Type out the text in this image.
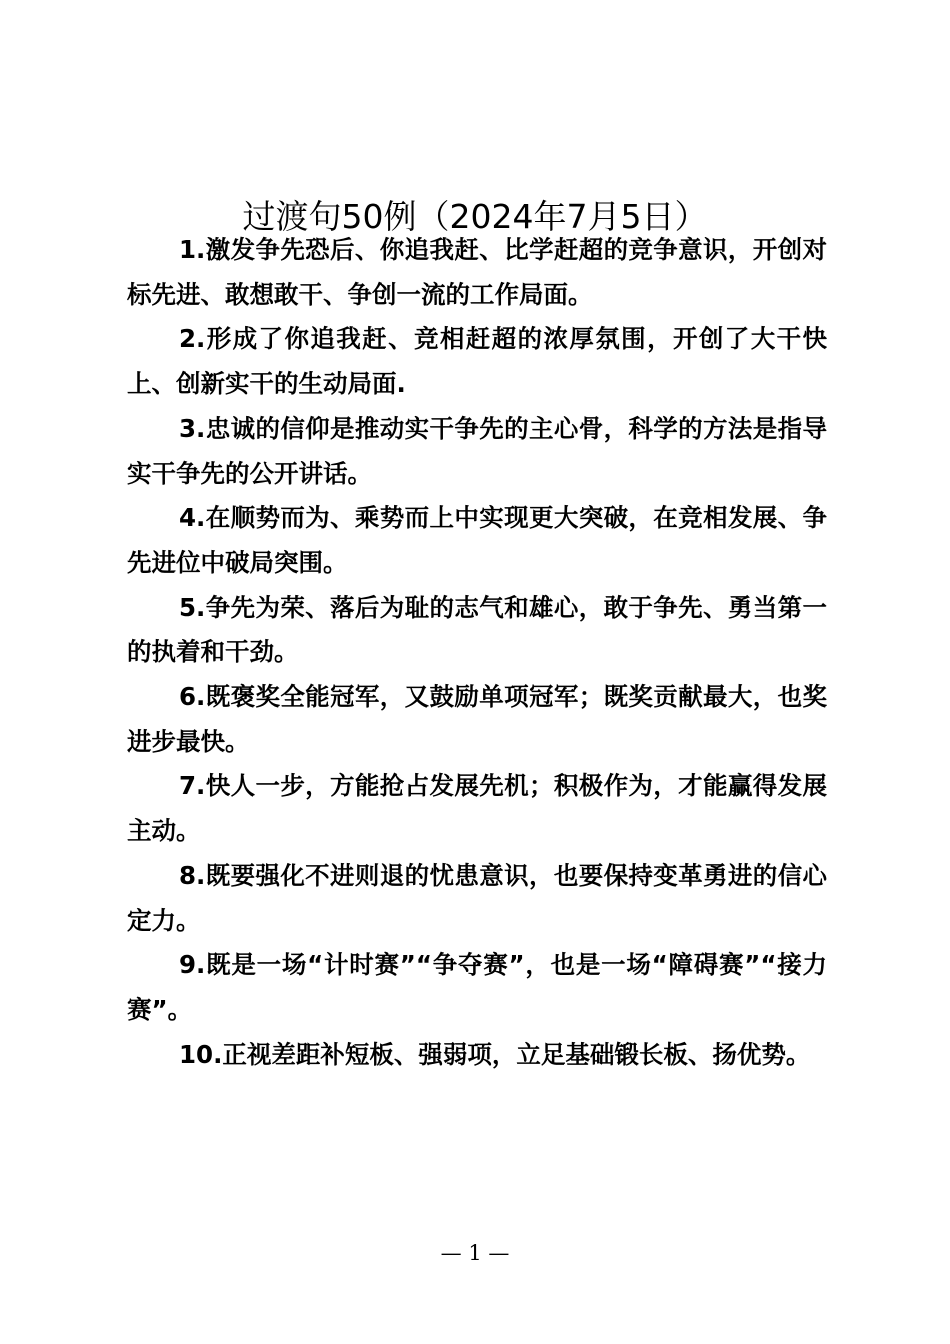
过渡句50例（2024年7月5日）

1.激发争先恐后、你追我赶、比学赶超的竞争意识，开创对标先进、敢想敢干、争创一流的工作局面。

2.形成了你追我赶、竞相赶超的浓厚氛围，开创了大干快上、创新实干的生动局面.

3.忠诚的信仰是推动实干争先的主心骨，科学的方法是指导实干争先的公开讲话。

4.在顺势而为、乘势而上中实现更大突破，在竞相发展、争先进位中破局突围。

5.争先为荣、落后为耻的志气和雄心，敢于争先、勇当第一的执着和干劲。

6.既褒奖全能冠军，又鼓励单项冠军；既奖贡献最大，也奖进步最快。

7.快人一步，方能抢占发展先机；积极作为，才能赢得发展主动。

8.既要强化不进则退的忧患意识，也要保持变革勇进的信心定力。

9.既是一场“计时赛”“争夺赛”，也是一场“障碍赛”“接力赛”。

10.正视差距补短板、强弱项，立足基础锻长板、扬优势。

— 1 —
